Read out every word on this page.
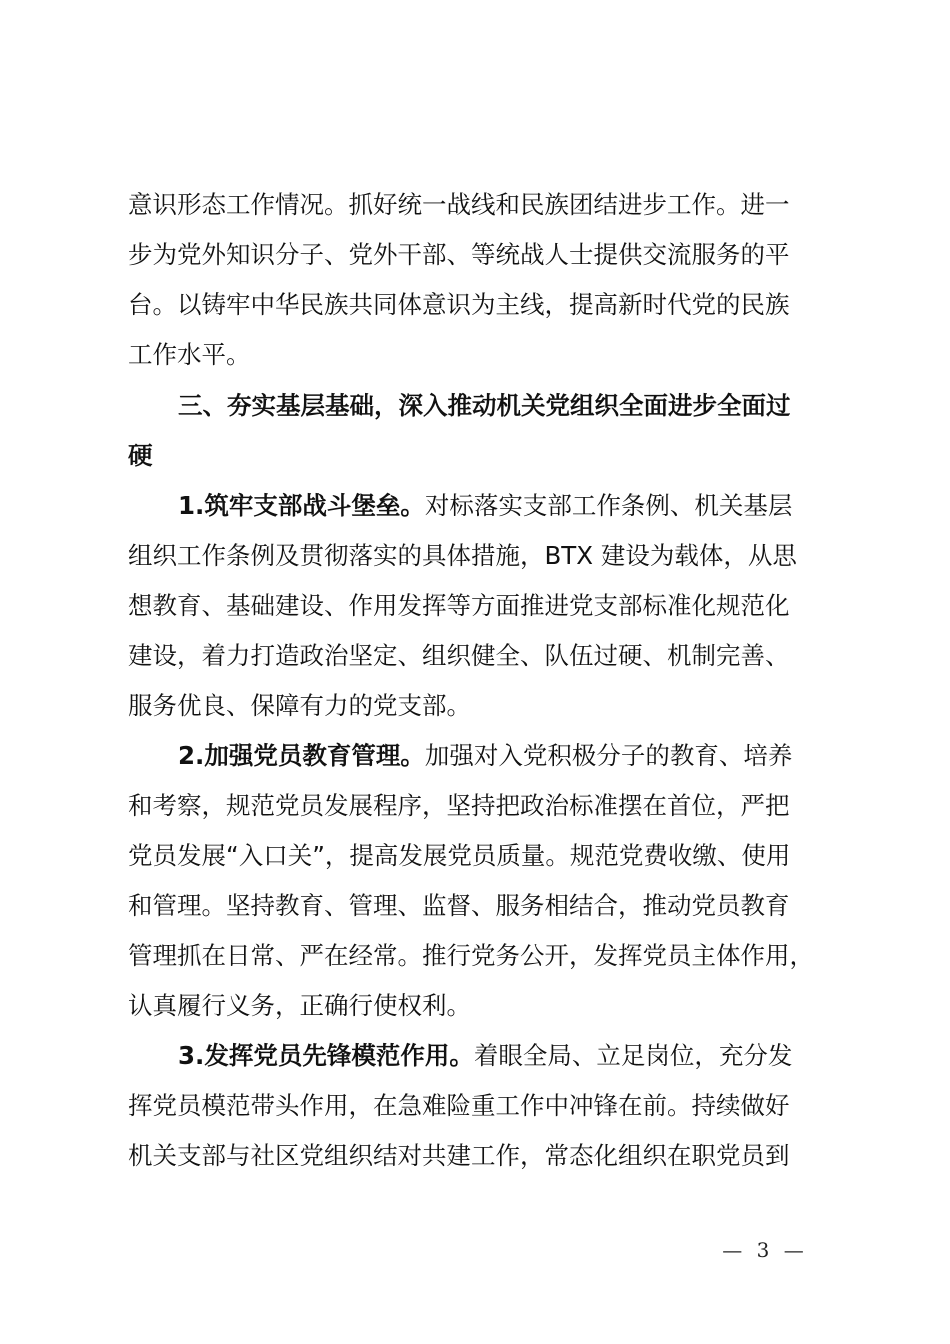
意识形态工作情况。抓好统一战线和民族团结进步工作。进一
步为党外知识分子、党外干部、等统战人士提供交流服务的平
台。以铸牢中华民族共同体意识为主线，提高新时代党的民族
工作水平。
三、夯实基层基础，深入推动机关党组织全面进步全面过
硬
1.筑牢支部战斗堡垒。对标落实支部工作条例、机关基层
组织工作条例及贯彻落实的具体措施，BTX 建设为载体，从思
想教育、基础建设、作用发挥等方面推进党支部标准化规范化
建设，着力打造政治坚定、组织健全、队伍过硬、机制完善、
服务优良、保障有力的党支部。
2.加强党员教育管理。加强对入党积极分子的教育、培养
和考察，规范党员发展程序，坚持把政治标准摆在首位，严把
党员发展“入口关”，提高发展党员质量。规范党费收缴、使用
和管理。坚持教育、管理、监督、服务相结合，推动党员教育
管理抓在日常、严在经常。推行党务公开，发挥党员主体作用，
认真履行义务，正确行使权利。
3.发挥党员先锋模范作用。着眼全局、立足岗位，充分发
挥党员模范带头作用，在急难险重工作中冲锋在前。持续做好
机关支部与社区党组织结对共建工作，常态化组织在职党员到
— 3 —
